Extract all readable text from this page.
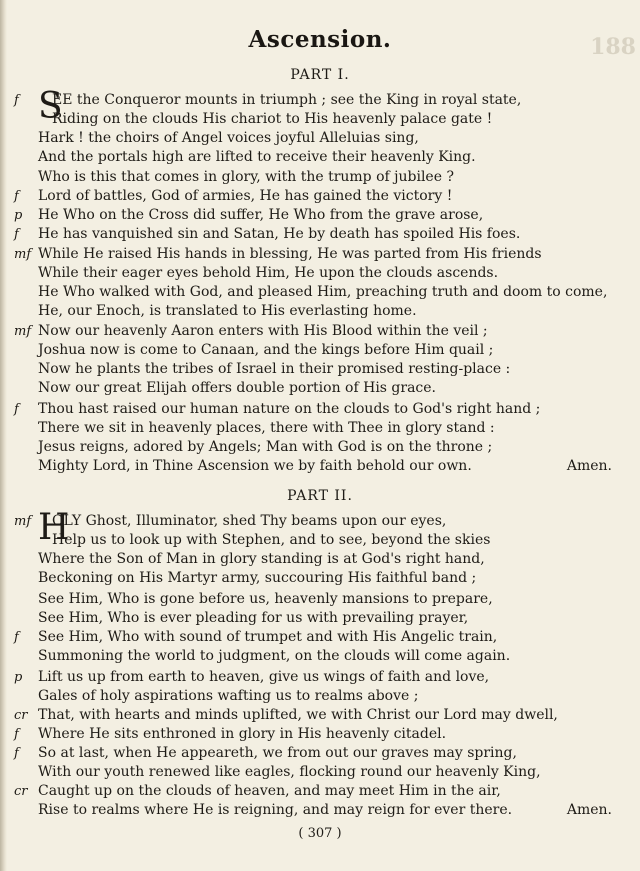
Ascension.	188
PART I.
PART II.
f S
EE the Conqueror mounts in triumph ; see the King in royal state,
Riding on the clouds His chariot to His heavenly palace gate !
Hark ! the choirs of Angel voices joyful Alleluias sing,
And the portals high are lifted to receive their heavenly King.
Who is this that comes in glory, with the trump of jubilee ?
f	Lord of battles, God of armies, He has gained the victory !
p	He Who on the Cross did suffer, He Who from the grave arose,
f	He has vanquished sin and Satan, He by death has spoiled His foes.
mf While He raised His hands in blessing, He was parted from His friends
While their eager eyes behold Him, He upon the clouds ascends.
He Who walked with God, and pleased Him, preaching truth and doom to come,
He, our Enoch, is translated to His everlasting home.
mf Now our heavenly Aaron enters with His Blood within the veil ;
Joshua now is come to Canaan, and the kings before Him quail ;
Now he plants the tribes of Israel in their promised resting-place :
Now our great Elijah offers double portion of His grace.
f	Thou hast raised our human nature on the clouds to God's right hand ;
There we sit in heavenly places, there with Thee in glory stand :
Jesus reigns, adored by Angels; Man with God is on the throne ;
Mighty Lord, in Thine Ascension we by faith behold our own.	Amen.
mf H
OLY Ghost, Illuminator, shed Thy beams upon our eyes,
Help us to look up with Stephen, and to see, beyond the skies
Where the Son of Man in glory standing is at God's right hand,
Beckoning on His Martyr army, succouring His faithful band ;
See Him, Who is gone before us, heavenly mansions to prepare,
See Him, Who is ever pleading for us with prevailing prayer,
f	See Him, Who with sound of trumpet and with His Angelic train,
Summoning the world to judgment, on the clouds will come again.
p	Lift us up from earth to heaven, give us wings of faith and love,
Gales of holy aspirations wafting us to realms above ;
cr That, with hearts and minds uplifted, we with Christ our Lord may dwell,
f	Where He sits enthroned in glory in His heavenly citadel.
f	So at last, when He appeareth, we from out our graves may spring,
With our youth renewed like eagles, flocking round our heavenly King,
cr Caught up on the clouds of heaven, and may meet Him in the air,
Rise to realms where He is reigning, and may reign for ever there.	Amen.
( 307 )
